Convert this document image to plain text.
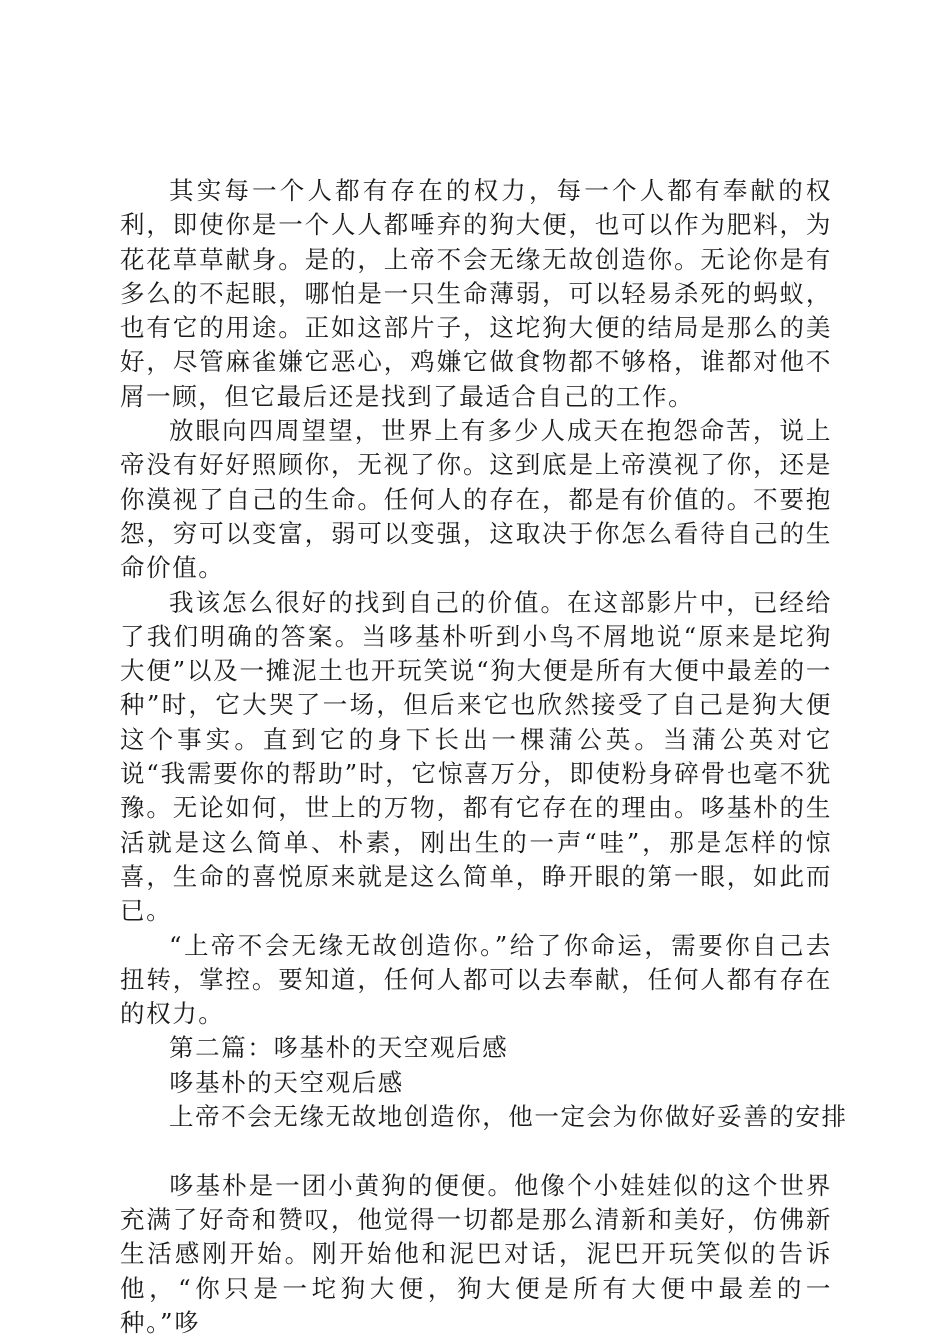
其实每一个人都有存在的权力，每一个人都有奉献的权利，即使你是一个人人都唾弃的狗大便，也可以作为肥料，为花花草草献身。是的，上帝不会无缘无故创造你。无论你是有多么的不起眼，哪怕是一只生命薄弱，可以轻易杀死的蚂蚁，也有它的用途。正如这部片子，这坨狗大便的结局是那么的美好，尽管麻雀嫌它恶心，鸡嫌它做食物都不够格，谁都对他不屑一顾，但它最后还是找到了最适合自己的工作。

放眼向四周望望，世界上有多少人成天在抱怨命苦，说上帝没有好好照顾你，无视了你。这到底是上帝漠视了你，还是你漠视了自己的生命。任何人的存在，都是有价值的。不要抱怨，穷可以变富，弱可以变强，这取决于你怎么看待自己的生命价值。

我该怎么很好的找到自己的价值。在这部影片中，已经给了我们明确的答案。当哆基朴听到小鸟不屑地说“原来是坨狗大便”以及一摊泥土也开玩笑说“狗大便是所有大便中最差的一种”时，它大哭了一场，但后来它也欣然接受了自己是狗大便这个事实。直到它的身下长出一棵蒲公英。当蒲公英对它说“我需要你的帮助”时，它惊喜万分，即使粉身碎骨也毫不犹豫。无论如何，世上的万物，都有它存在的理由。哆基朴的生活就是这么简单、朴素，刚出生的一声“哇”，那是怎样的惊喜，生命的喜悦原来就是这么简单，睁开眼的第一眼，如此而已。

“上帝不会无缘无故创造你。”给了你命运，需要你自己去扭转，掌控。要知道，任何人都可以去奉献，任何人都有存在的权力。

第二篇：哆基朴的天空观后感

哆基朴的天空观后感

上帝不会无缘无故地创造你，他一定会为你做好妥善的安排

哆基朴是一团小黄狗的便便。他像个小娃娃似的这个世界充满了好奇和赞叹，他觉得一切都是那么清新和美好，仿佛新生活感刚开始。刚开始他和泥巴对话，泥巴开玩笑似的告诉他，“你只是一坨狗大便，狗大便是所有大便中最差的一种。”哆
